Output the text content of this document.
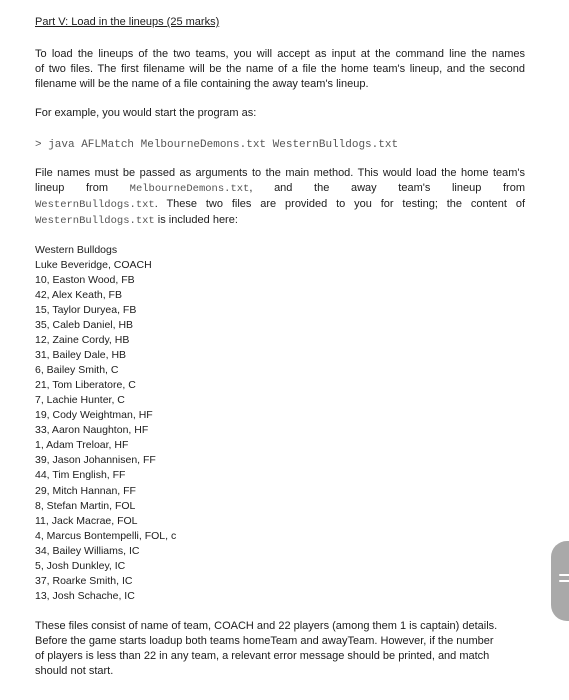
Part V: Load in the lineups (25 marks)
To load the lineups of the two teams, you will accept as input at the command line the names
of two files. The first filename will be the name of a file the home team's lineup, and the second
filename will be the name of a file containing the away team's lineup.
For example, you would start the program as:
> java AFLMatch MelbourneDemons.txt WesternBulldogs.txt
File names must be passed as arguments to the main method. This would load the home team's
lineup from MelbourneDemons.txt, and the away team's lineup from
WesternBulldogs.txt. These two files are provided to you for testing; the content of
WesternBulldogs.txt is included here:
Western Bulldogs
Luke Beveridge, COACH
10, Easton Wood, FB
42, Alex Keath, FB
15, Taylor Duryea, FB
35, Caleb Daniel, HB
12, Zaine Cordy, HB
31, Bailey Dale, HB
6, Bailey Smith, C
21, Tom Liberatore, C
7, Lachie Hunter, C
19, Cody Weightman, HF
33, Aaron Naughton, HF
1, Adam Treloar, HF
39, Jason Johannisen, FF
44, Tim English, FF
29, Mitch Hannan, FF
8, Stefan Martin, FOL
11, Jack Macrae, FOL
4, Marcus Bontempelli, FOL, c
34, Bailey Williams, IC
5, Josh Dunkley, IC
37, Roarke Smith, IC
13, Josh Schache, IC
These files consist of name of team, COACH and 22 players (among them 1 is captain) details.
Before the game starts loadup both teams homeTeam and awayTeam. However, if the number
of players is less than 22 in any team, a relevant error message should be printed, and match
should not start.
